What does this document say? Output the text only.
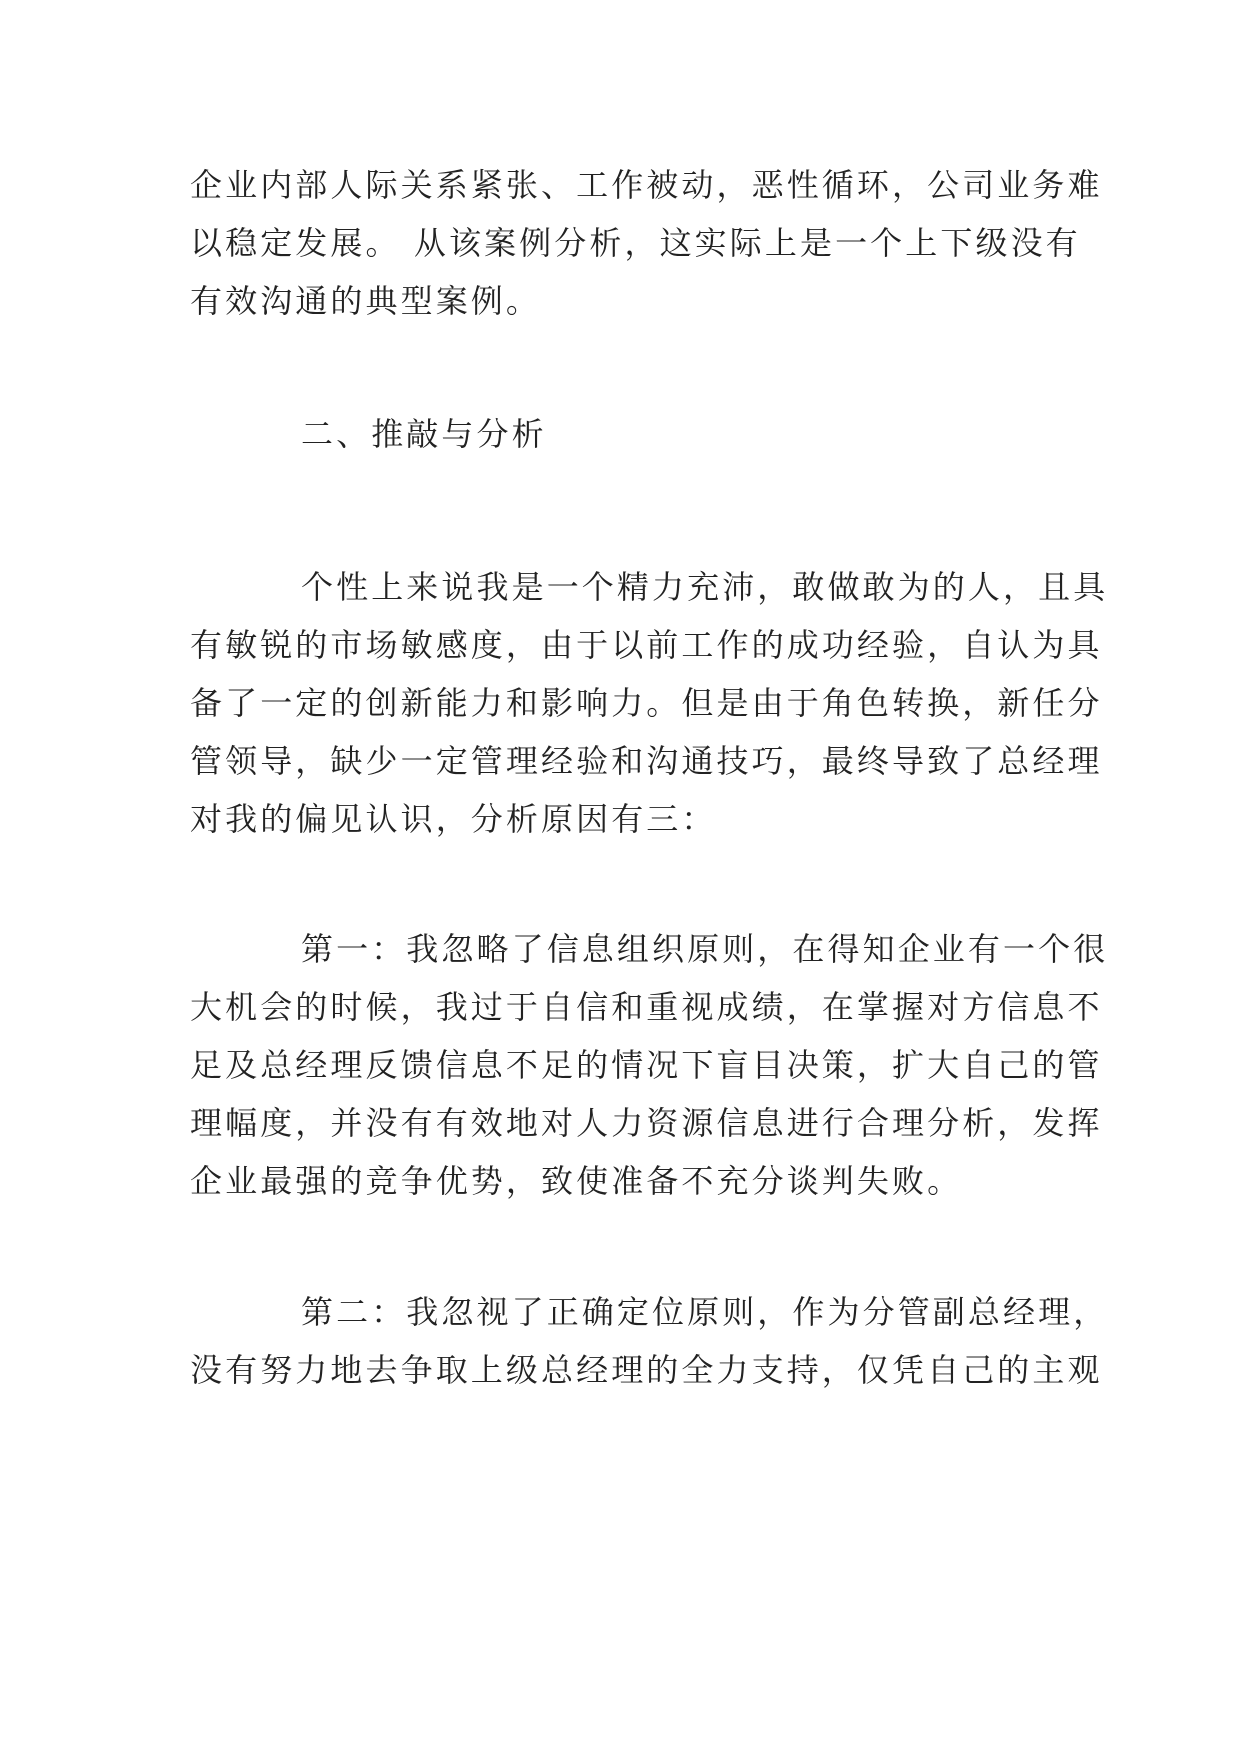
企业内部人际关系紧张、工作被动，恶性循环，公司业务难
以稳定发展。 从该案例分析，这实际上是一个上下级没有
有效沟通的典型案例。
二、推敲与分析
个性上来说我是一个精力充沛，敢做敢为的人，且具
有敏锐的市场敏感度，由于以前工作的成功经验，自认为具
备了一定的创新能力和影响力。但是由于角色转换，新任分
管领导，缺少一定管理经验和沟通技巧，最终导致了总经理
对我的偏见认识，分析原因有三：
第一：我忽略了信息组织原则，在得知企业有一个很
大机会的时候，我过于自信和重视成绩，在掌握对方信息不
足及总经理反馈信息不足的情况下盲目决策，扩大自己的管
理幅度，并没有有效地对人力资源信息进行合理分析，发挥
企业最强的竞争优势，致使准备不充分谈判失败。
第二：我忽视了正确定位原则，作为分管副总经理，
没有努力地去争取上级总经理的全力支持，仅凭自己的主观
